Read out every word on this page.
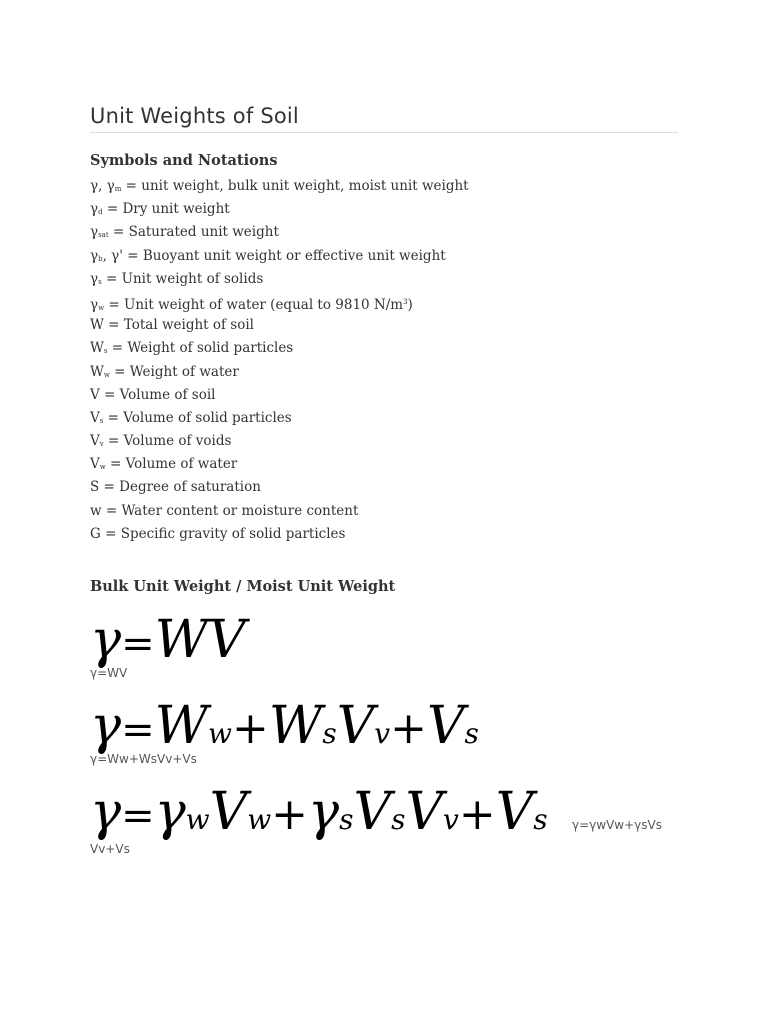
Unit Weights of Soil
Symbols and Notations
γ, $\gamma_m$ = unit weight, bulk unit weight, moist unit weight
$\gamma_d$ = Dry unit weight
$\gamma_{sat}$ = Saturated unit weight
$\gamma_b$, γ' = Buoyant unit weight or effective unit weight
$\gamma_s$ = Unit weight of solids
$\gamma_w$ = Unit weight of water (equal to 9810 $N/m^3$)
W = Total weight of soil
$W_s$ = Weight of solid particles
$W_w$ = Weight of water
V = Volume of soil
$V_s$ = Volume of solid particles
$V_v$ = Volume of voids
$V_w$ = Volume of water
S = Degree of saturation
w = Water content or moisture content
G = Specific gravity of solid particles
Bulk Unit Weight / Moist Unit Weight
γ=WV
γ=WV
γ=Ww+WsVv+Vs
γ=Ww+WsVv+Vs
γ=γwVw+γsVsVv+Vs γ=γwVw+γsVs
Vv+Vs
